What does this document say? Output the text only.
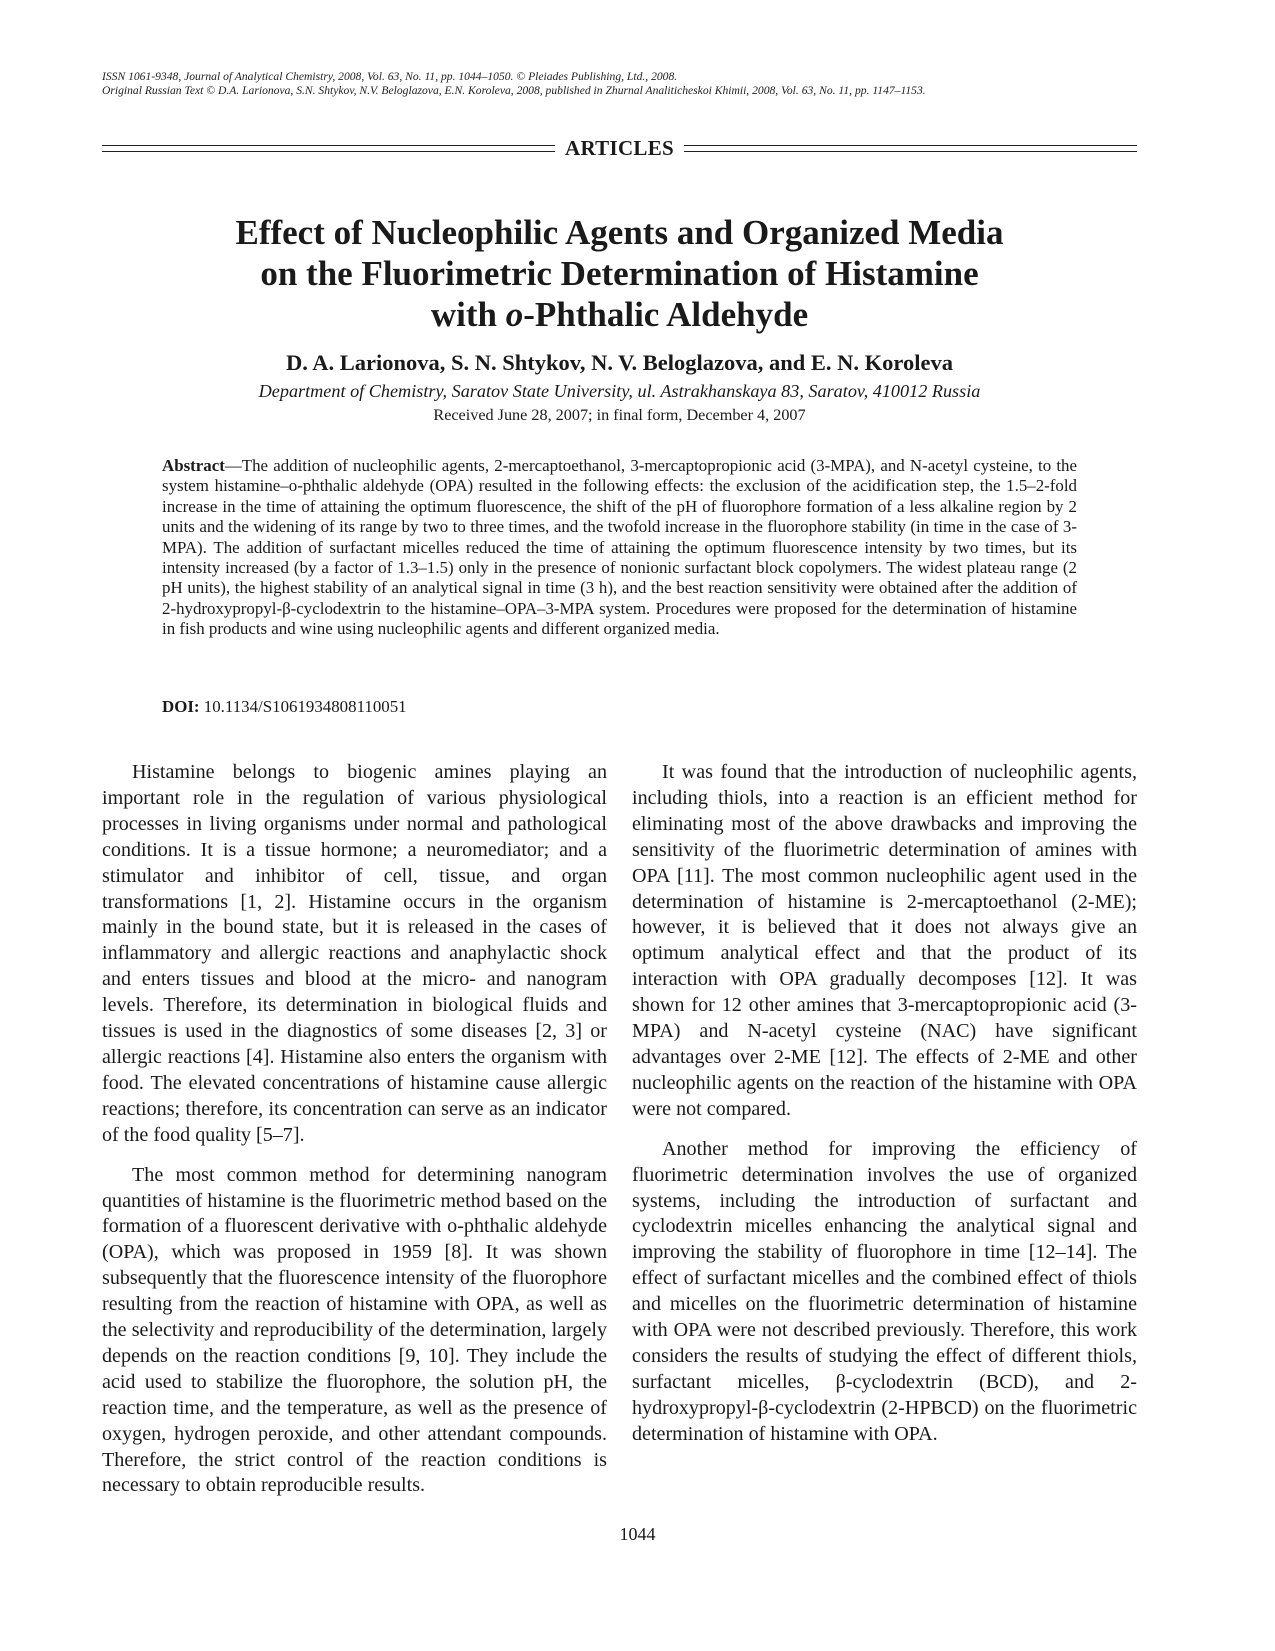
ISSN 1061-9348, Journal of Analytical Chemistry, 2008, Vol. 63, No. 11, pp. 1044–1050. © Pleiades Publishing, Ltd., 2008.
Original Russian Text © D.A. Larionova, S.N. Shtykov, N.V. Beloglazova, E.N. Koroleva, 2008, published in Zhurnal Analiticheskoi Khimii, 2008, Vol. 63, No. 11, pp. 1147–1153.
ARTICLES
Effect of Nucleophilic Agents and Organized Media
on the Fluorimetric Determination of Histamine
with o-Phthalic Aldehyde
D. A. Larionova, S. N. Shtykov, N. V. Beloglazova, and E. N. Koroleva
Department of Chemistry, Saratov State University, ul. Astrakhanskaya 83, Saratov, 410012 Russia
Received June 28, 2007; in final form, December 4, 2007
Abstract—The addition of nucleophilic agents, 2-mercaptoethanol, 3-mercaptopropionic acid (3-MPA), and N-acetyl cysteine, to the system histamine–o-phthalic aldehyde (OPA) resulted in the following effects: the exclusion of the acidification step, the 1.5–2-fold increase in the time of attaining the optimum fluorescence, the shift of the pH of fluorophore formation of a less alkaline region by 2 units and the widening of its range by two to three times, and the twofold increase in the fluorophore stability (in time in the case of 3-MPA). The addition of surfactant micelles reduced the time of attaining the optimum fluorescence intensity by two times, but its intensity increased (by a factor of 1.3–1.5) only in the presence of nonionic surfactant block copolymers. The widest plateau range (2 pH units), the highest stability of an analytical signal in time (3 h), and the best reaction sensitivity were obtained after the addition of 2-hydroxypropyl-β-cyclodextrin to the histamine–OPA–3-MPA system. Procedures were proposed for the determination of histamine in fish products and wine using nucleophilic agents and different organized media.
DOI: 10.1134/S1061934808110051

Histamine belongs to biogenic amines playing an important role in the regulation of various physiological processes in living organisms under normal and pathological conditions. It is a tissue hormone; a neuromediator; and a stimulator and inhibitor of cell, tissue, and organ transformations [1, 2]. Histamine occurs in the organism mainly in the bound state, but it is released in the cases of inflammatory and allergic reactions and anaphylactic shock and enters tissues and blood at the micro- and nanogram levels. Therefore, its determination in biological fluids and tissues is used in the diagnostics of some diseases [2, 3] or allergic reactions [4]. Histamine also enters the organism with food. The elevated concentrations of histamine cause allergic reactions; therefore, its concentration can serve as an indicator of the food quality [5–7].

The most common method for determining nanogram quantities of histamine is the fluorimetric method based on the formation of a fluorescent derivative with o-phthalic aldehyde (OPA), which was proposed in 1959 [8]. It was shown subsequently that the fluorescence intensity of the fluorophore resulting from the reaction of histamine with OPA, as well as the selectivity and reproducibility of the determination, largely depends on the reaction conditions [9, 10]. They include the acid used to stabilize the fluorophore, the solution pH, the reaction time, and the temperature, as well as the presence of oxygen, hydrogen peroxide, and other attendant compounds. Therefore, the strict control of the reaction conditions is necessary to obtain reproducible results.

It was found that the introduction of nucleophilic agents, including thiols, into a reaction is an efficient method for eliminating most of the above drawbacks and improving the sensitivity of the fluorimetric determination of amines with OPA [11]. The most common nucleophilic agent used in the determination of histamine is 2-mercaptoethanol (2-ME); however, it is believed that it does not always give an optimum analytical effect and that the product of its interaction with OPA gradually decomposes [12]. It was shown for 12 other amines that 3-mercaptopropionic acid (3-MPA) and N-acetyl cysteine (NAC) have significant advantages over 2-ME [12]. The effects of 2-ME and other nucleophilic agents on the reaction of the histamine with OPA were not compared.

Another method for improving the efficiency of fluorimetric determination involves the use of organized systems, including the introduction of surfactant and cyclodextrin micelles enhancing the analytical signal and improving the stability of fluorophore in time [12–14]. The effect of surfactant micelles and the combined effect of thiols and micelles on the fluorimetric determination of histamine with OPA were not described previously. Therefore, this work considers the results of studying the effect of different thiols, surfactant micelles, β-cyclodextrin (BCD), and 2-hydroxypropyl-β-cyclodextrin (2-HPBCD) on the fluorimetric determination of histamine with OPA.

1044
